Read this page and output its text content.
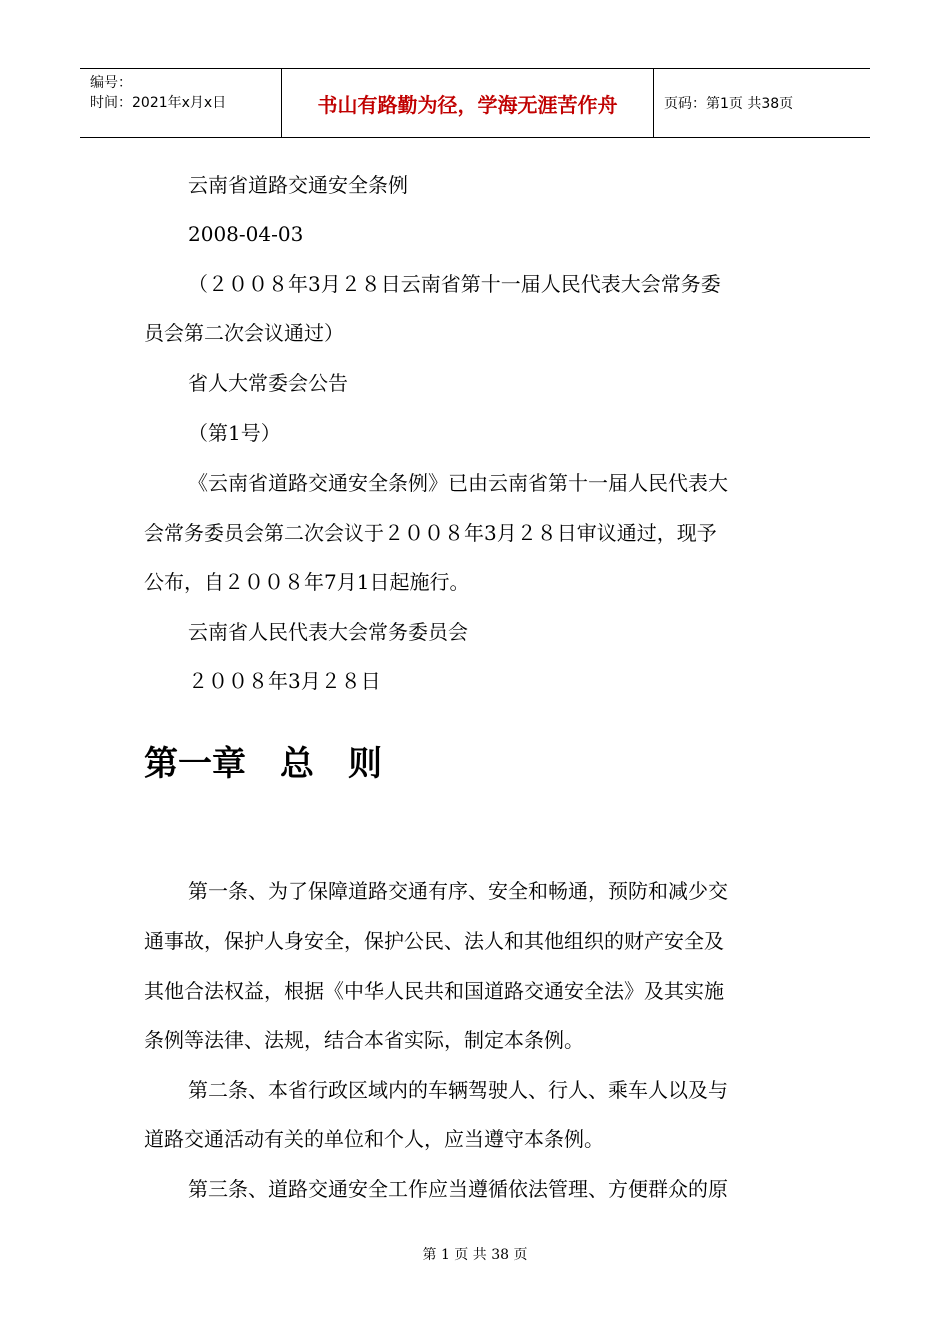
编号：
时间：2021年x月x日	书山有路勤为径，学海无涯苦作舟	页码：第1页 共38页
云南省道路交通安全条例
2008-04-03
（２００８年3月２８日云南省第十一届人民代表大会常务委
员会第二次会议通过）
省人大常委会公告
（第1号）
《云南省道路交通安全条例》已由云南省第十一届人民代表大
会常务委员会第二次会议于２００８年3月２８日审议通过，现予
公布，自２００８年7月1日起施行。
云南省人民代表大会常务委员会
２００８年3月２８日
第一章　总　则
第一条、为了保障道路交通有序、安全和畅通，预防和减少交
通事故，保护人身安全，保护公民、法人和其他组织的财产安全及
其他合法权益，根据《中华人民共和国道路交通安全法》及其实施
条例等法律、法规，结合本省实际，制定本条例。
第二条、本省行政区域内的车辆驾驶人、行人、乘车人以及与
道路交通活动有关的单位和个人，应当遵守本条例。
第三条、道路交通安全工作应当遵循依法管理、方便群众的原
第 1 页 共 38 页
